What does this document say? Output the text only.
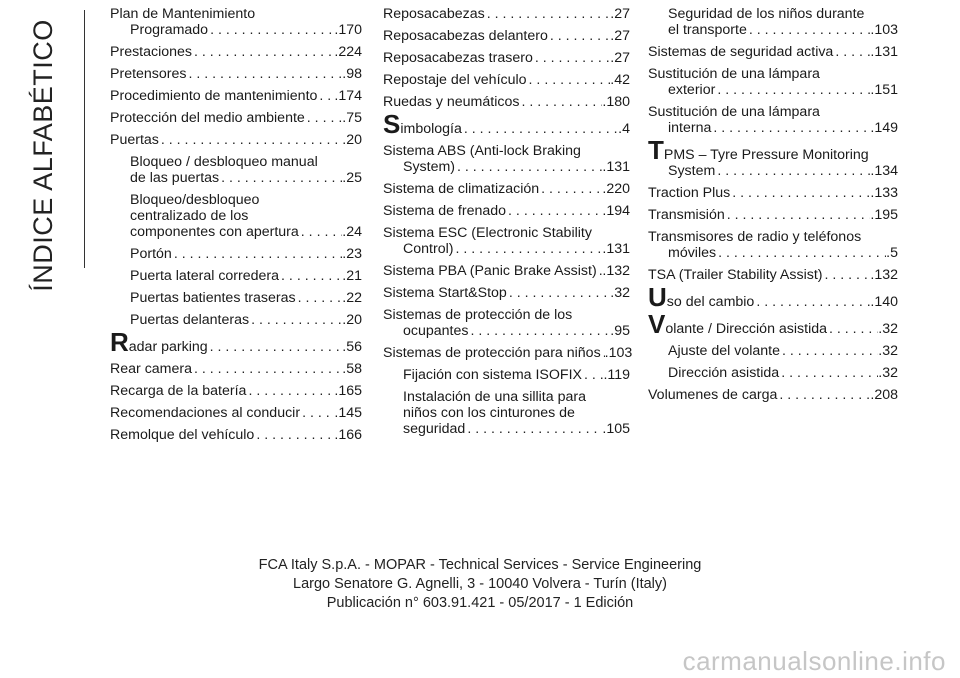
ÍNDICE ALFABÉTICO
Plan de Mantenimiento
Programado . . .	.170
Prestaciones . . .	.224
Pretensores . . .	.98
Procedimiento de mantenimiento . . . .174
Protección del medio ambiente . . .	.75
Puertas . . .	.20
Bloqueo / desbloqueo manual
de las puertas . . .	.25
Bloqueo/desbloqueo
centralizado de los
componentes con apertura . . .	.24
Portón . . .	.23
Puerta lateral corredera . . .	.21
Puertas batientes traseras . . .	.22
Puertas delanteras . . .	.20
R adar parking . . .	.56
Rear camera . . .	.58
Recarga de la batería . . .	.165
Recomendaciones al conducir . . . .145
Remolque del vehículo . . .	.166
Reposacabezas . . .	.27
Reposacabezas delantero . . .	.27
Reposacabezas trasero . . .	.27
Repostaje del vehículo . . .	.42
Ruedas y neumáticos . . .	.180
S imbología . . .	.4
Sistema ABS (Anti-lock Braking
System) . . .	.131
Sistema de climatización . . .	.220
Sistema de frenado . . .	.194
Sistema ESC (Electronic Stability
Control) . . .	.131
Sistema PBA (Panic Brake Assist) . . . .132
Sistema Start&Stop . . .	.32
Sistemas de protección de los
ocupantes . . .	.95
Sistemas de protección para niños . . . .103
Fijación con sistema ISOFIX . . . .119
Instalación de una sillita para
niños con los cinturones de
seguridad . . .	.105
Seguridad de los niños durante
el transporte . . .	.103
Sistemas de seguridad activa . . .	.131
Sustitución de una lámpara
exterior . . .	.151
Sustitución de una lámpara
interna . . .	.149
T PMS – Tyre Pressure Monitoring
System . . .	.134
Traction Plus . . .	.133
Transmisión . . .	.195
Transmisores de radio y teléfonos
móviles . . .	.5
TSA (Trailer Stability Assist) . . .	.132
U so del cambio . . .	.140
V olante / Dirección asistida . . .	.32
Ajuste del volante . . .	.32
Dirección asistida . . .	.32
Volumenes de carga . . .	.208
FCA Italy S.p.A. - MOPAR - Technical Services - Service Engineering
Largo Senatore G. Agnelli, 3 - 10040 Volvera - Turín (Italy)
Publicación n° 603.91.421 - 05/2017 - 1 Edición
carmanualsonline.info
